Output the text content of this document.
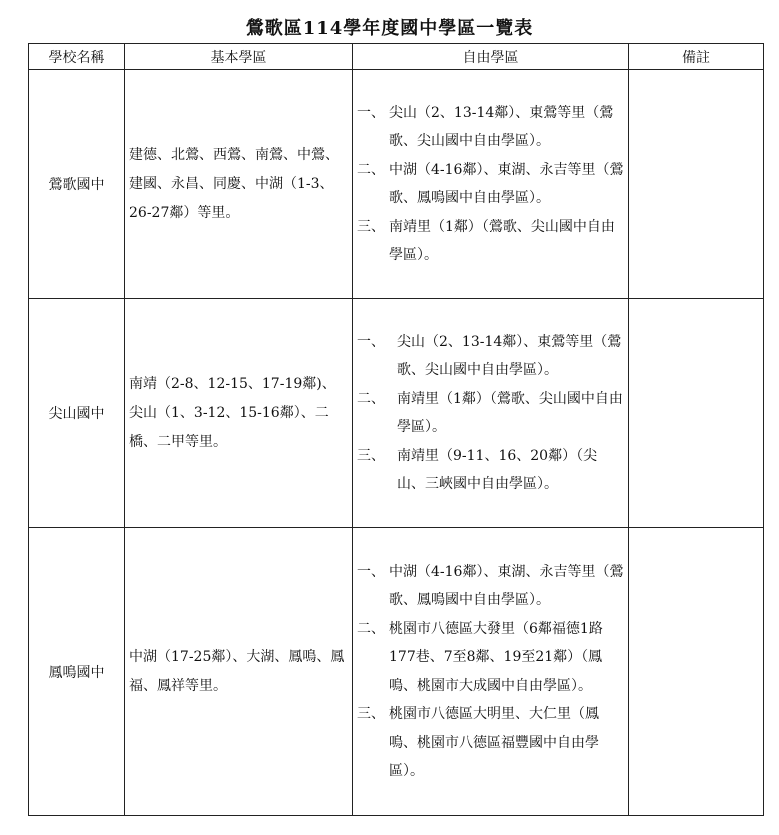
鶯歌區114學年度國中學區一覽表
學校名稱	基本學區	自由學區	備註
鶯歌國中	建德、北鶯、西鶯、南鶯、中鶯、建國、永昌、同慶、中湖（1-3、26-27鄰）等里。	一、 尖山（2、13-14鄰）、東鶯等里（鶯歌、尖山國中自由學區）。
二、 中湖（4-16鄰）、東湖、永吉等里（鶯歌、鳳鳴國中自由學區）。
三、 南靖里（1鄰）（鶯歌、尖山國中自由學區）。	

尖山國中	南靖（2-8、12-15、17-19鄰)、尖山（1、3-12、15-16鄰）、二橋、二甲等里。	一、 尖山（2、13-14鄰）、東鶯等里（鶯歌、尖山國中自由學區）。
二、 南靖里（1鄰）（鶯歌、尖山國中自由學區）。
三、 南靖里（9-11、16、20鄰）（尖山、三峽國中自由學區）。	

鳳鳴國中	中湖（17-25鄰）、大湖、鳳鳴、鳳福、鳳祥等里。	一、 中湖（4-16鄰）、東湖、永吉等里（鶯歌、鳳鳴國中自由學區）。
二、 桃園市八德區大發里（6鄰福德1路177巷、7至8鄰、19至21鄰）（鳳鳴、桃園市大成國中自由學區）。
三、 桃園市八德區大明里、大仁里（鳳鳴、桃園市八德區福豐國中自由學區）。	
